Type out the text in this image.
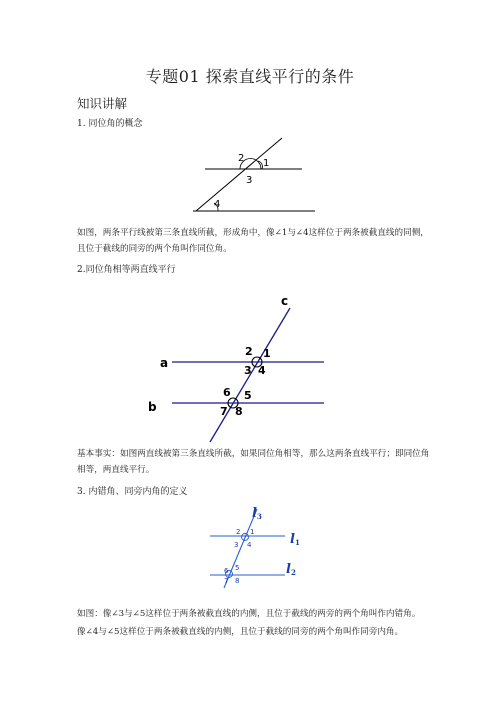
专题01 探索直线平行的条件
知识讲解
1. 同位角的概念
2 1
3
4
如图，两条平行线被第三条直线所截，形成角中，像∠1与∠4这样位于两条被截直线的同侧，且位于截线的同旁的两个角叫作同位角。
2.同位角相等两直线平行
a
b
c
2 1
3 4
6 5
7 8
基本事实：如图两直线被第三条直线所截，如果同位角相等，那么这两条直线平行；即同位角相等，两直线平行。
3. 内错角、同旁内角的定义
l 3
l 1
l 2
2 1
3 4
6 5
7 8
如图：像∠3与∠5这样位于两条被截直线的内侧，且位于截线的两旁的两个角叫作内错角。
像∠4与∠5这样位于两条被截直线的内侧，且位于截线的同旁的两个角叫作同旁内角。
